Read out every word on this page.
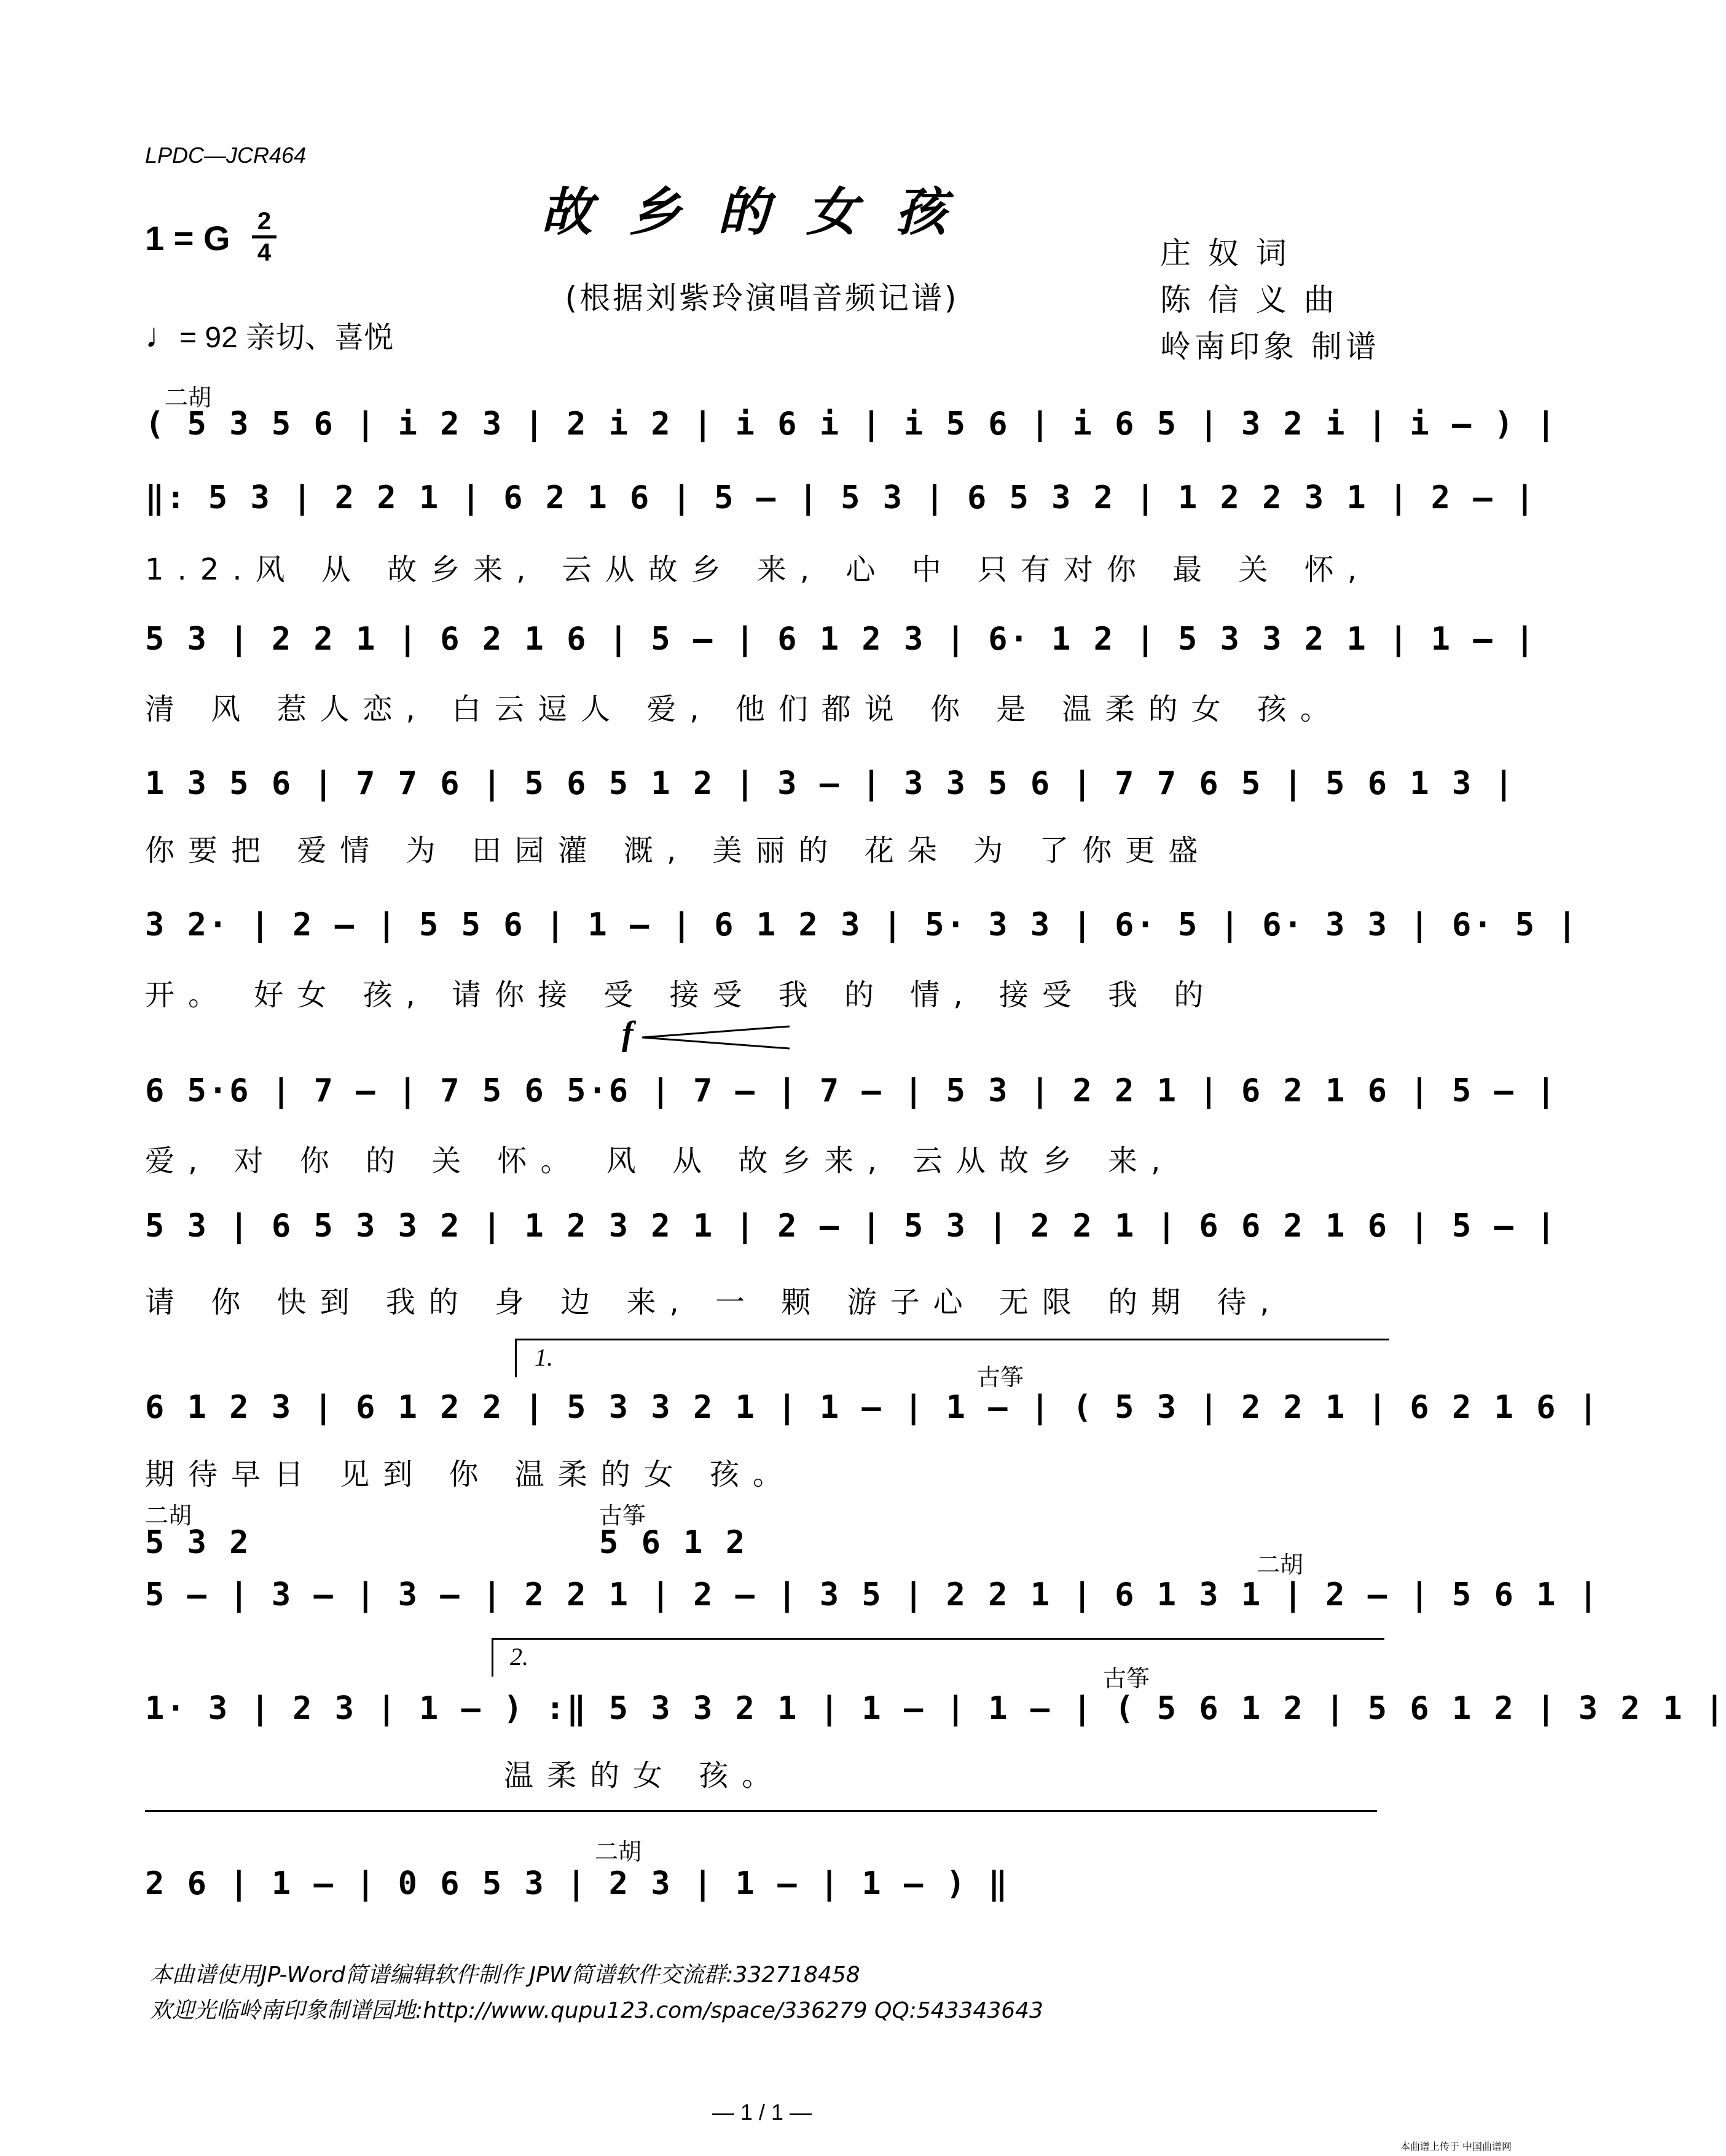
LPDC—JCR464
故乡的女孩
(根据刘紫玲演唱音频记谱)
1 = G 2
4
♩= 92 亲切、喜悦
庄 奴 词
陈 信 义 曲
岭南印象 制谱
二胡
( 5 3 5 6 | i 2 3 | 2 i 2 | i 6 i | i 5 6 | i 6 5 | 3 2 i | i – ) |
‖: 5 3 | 2 2 1 | 6 2 1 6 | 5 – | 5 3 | 6 5 3 2 | 1 2 2 3 1 | 2 – |
1.2.风 从 故乡来, 云从故乡 来, 心 中 只有对你 最 关 怀,
5 3 | 2 2 1 | 6 2 1 6 | 5 – | 6 1 2 3 | 6· 1 2 | 5 3 3 2 1 | 1 – |
清 风 惹人恋, 白云逗人 爱, 他们都说 你 是 温柔的女 孩。
1 3 5 6 | 7 7 6 | 5 6 5 1 2 | 3 – | 3 3 5 6 | 7 7 6 5 | 5 6 1 3 |
你要把 爱情 为 田园灌 溉, 美丽的 花朵 为 了你更盛
3 2· | 2 – | 5 5 6 | 1 – | 6 1 2 3 | 5· 3 3 | 6· 5 | 6· 3 3 | 6· 5 |
开。 好女 孩, 请你接 受 接受 我 的 情, 接受 我 的
f
6 5·6 | 7 – | 7 5 6 5·6 | 7 – | 7 – | 5 3 | 2 2 1 | 6 2 1 6 | 5 – |
爱, 对 你 的 关 怀。 风 从 故乡来, 云从故乡 来,
5 3 | 6 5 3 3 2 | 1 2 3 2 1 | 2 – | 5 3 | 2 2 1 | 6 6 2 1 6 | 5 – |
请 你 快到 我的 身 边 来, 一 颗 游子心 无限 的期 待,
1.
古筝
6 1 2 3 | 6 1 2 2 | 5 3 3 2 1 | 1 – | 1 – | ( 5 3 | 2 2 1 | 6 2 1 6 |
期待早日 见到 你 温柔的女 孩。
二胡
5 3 2
古筝
5 6 1 2
二胡
5 – | 3 – | 3 – | 2 2 1 | 2 – | 3 5 | 2 2 1 | 6 1 3 1 | 2 – | 5 6 1 |
2.
古筝
1· 3 | 2 3 | 1 – ) :‖ 5 3 3 2 1 | 1 – | 1 – | ( 5 6 1 2 | 5 6 1 2 | 3 2 1 |
温柔的女 孩。
二胡
2 6 | 1 – | 0 6 5 3 | 2 3 | 1 – | 1 – ) ‖
本曲谱使用JP-Word简谱编辑软件制作 JPW简谱软件交流群:332718458
欢迎光临岭南印象制谱园地:http://www.qupu123.com/space/336279 QQ:543343643
— 1 / 1 —
本曲谱上传于 中国曲谱网
